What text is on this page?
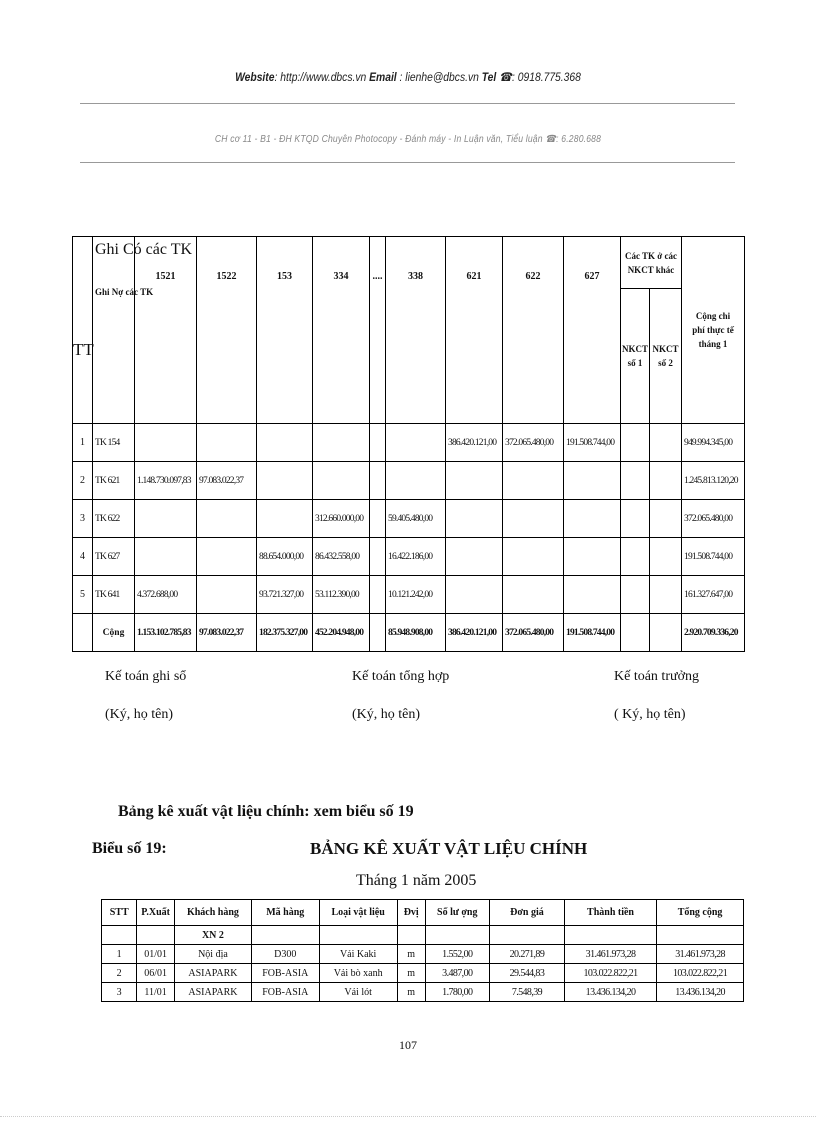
Website: http://www.dbcs.vn Email : lienhe@dbcs.vn Tel ☎: 0918.775.368
CH cơ 11 - B1 - ĐH KTQD Chuyên Photocopy - Đánh máy - In Luận văn, Tiểu luận ☎: 6.280.688
TT	Ghi Có các TK
Ghi Nợ các TK	1521	1522	153	334	....	338	621	622	627	Các TK ở các NKCT khác		Cộng chi phí thực tế tháng 1
											NKCT số 1	NKCT số 2	
1	TK 154							386.420.121,00	372.065.480,00	191.508.744,00			949.994.345,00
2	TK 621	1.148.730.097,83	97.083.022,37										1.245.813.120,20
3	TK 622				312.660.000,00		59.405.480,00						372.065.480,00
4	TK 627			88.654.000,00	86.432.558,00		16.422.186,00						191.508.744,00
5	TK 641	4.372.688,00		93.721.327,00	53.112.390,00		10.121.242,00						161.327.647,00
	Cộng	1.153.102.785,83	97.083.022,37	182.375.327,00	452.204.948,00		85.948.908,00	386.420.121,00	372.065.480,00	191.508.744,00			2.920.709.336,20
Kế toán ghi sổ
(Ký, họ tên)
Kế toán tổng hợp
(Ký, họ tên)
Kế toán trưởng
( Ký, họ tên)
Bảng kê xuất vật liệu chính: xem biểu số 19
Biểu số 19:	BẢNG KÊ XUẤT VẬT LIỆU CHÍNH
Tháng 1 năm 2005
STT	P.Xuất	Khách hàng	Mã hàng	Loại vật liệu	Đvị	Số lư ợng	Đơn giá	Thành tiền	Tổng cộng
		XN 2							
1	01/01	Nội địa	D300	Vải Kaki	m	1.552,00	20.271,89	31.461.973,28	31.461.973,28
2	06/01	ASIAPARK	FOB-ASIA	Vải bò xanh	m	3.487,00	29.544,83	103.022.822,21	103.022.822,21
3	11/01	ASIAPARK	FOB-ASIA	Vải lót	m	1.780,00	7.548,39	13.436.134,20	13.436.134,20
107
